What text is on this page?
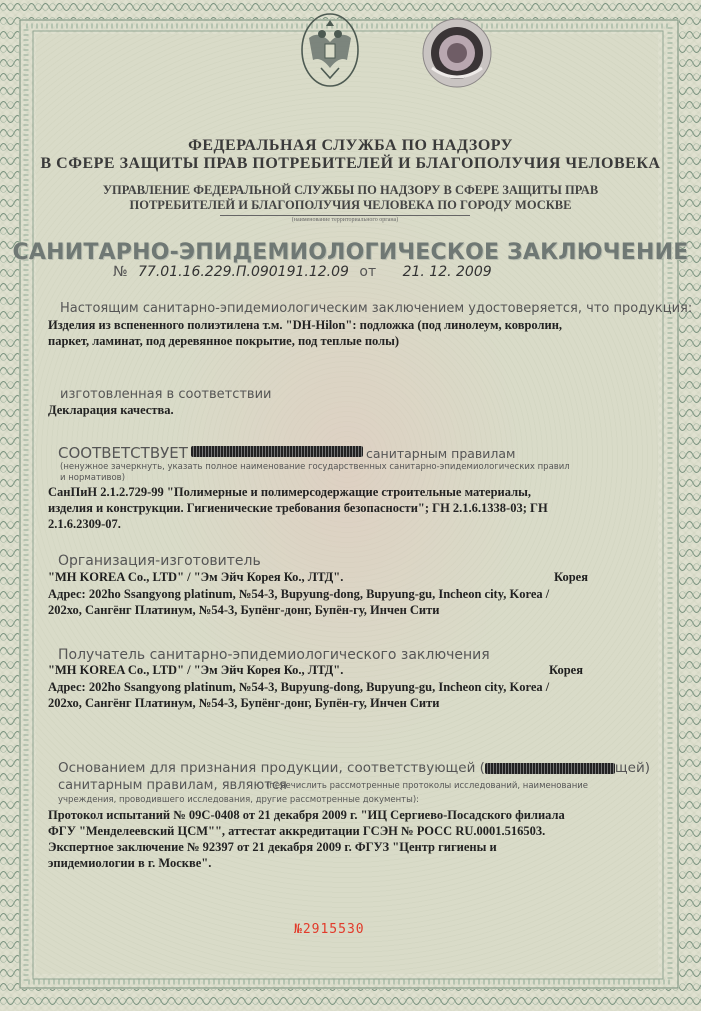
ФЕДЕРАЛЬНАЯ СЛУЖБА ПО НАДЗОРУ

В СФЕРЕ ЗАЩИТЫ ПРАВ ПОТРЕБИТЕЛЕЙ И БЛАГОПОЛУЧИЯ ЧЕЛОВЕКА

УПРАВЛЕНИЕ ФЕДЕРАЛЬНОЙ СЛУЖБЫ ПО НАДЗОРУ В СФЕРЕ ЗАЩИТЫ ПРАВ

ПОТРЕБИТЕЛЕЙ И БЛАГОПОЛУЧИЯ ЧЕЛОВЕКА ПО ГОРОДУ МОСКВЕ

(наименование территориального органа)

САНИТАРНО-ЭПИДЕМИОЛОГИЧЕСКОЕ ЗАКЛЮЧЕНИЕ

№ 77.01.16.229.П.090191.12.09 от 21. 12. 2009
Настоящим санитарно-эпидемиологическим заключением удостоверяется, что продукция:
Изделия из вспененного полиэтилена т.м. "DH-Hilon": подложка (под линолеум, ковролин,
паркет, ламинат, под деревянное покрытие, под теплые полы)
изготовленная в соответствии
Декларация качества.
СООТВЕТСТВУЕТ	санитарным правилам
(ненужное зачеркнуть, указать полное наименование государственных санитарно-эпидемиологических правил и нормативов)
СанПиН 2.1.2.729-99 "Полимерные и полимерсодержащие строительные материалы,
изделия и конструкции. Гигиенические требования безопасности"; ГН 2.1.6.1338-03; ГН
2.1.6.2309-07.
Организация-изготовитель
"MH KOREA Co., LTD" / "Эм Эйч Корея Ко., ЛТД".	Корея
Адрес: 202ho Ssangyong platinum, №54-3, Bupyung-dong, Bupyung-gu, Incheon city, Korea /
202хо, Сангёнг Платинум, №54-3, Бупёнг-донг, Бупён-гу, Инчен Сити
Получатель санитарно-эпидемиологического заключения
"MH KOREA Co., LTD" / "Эм Эйч Корея Ко., ЛТД".	Корея
Адрес: 202ho Ssangyong platinum, №54-3, Bupyung-dong, Bupyung-gu, Incheon city, Korea /
202хо, Сангёнг Платинум, №54-3, Бупёнг-донг, Бупён-гу, Инчен Сити
Основанием для признания продукции, соответствующей (	щей)
санитарным правилам, являются
(перечислить рассмотренные протоколы исследований, наименование
учреждения, проводившего исследования, другие рассмотренные документы):
Протокол испытаний № 09С-0408 от 21 декабря 2009 г. "ИЦ Сергиево-Посадского филиала
ФГУ "Менделеевский ЦСМ"", аттестат аккредитации ГСЭН № РОСС RU.0001.516503.
Экспертное заключение № 92397 от 21 декабря 2009 г. ФГУЗ "Центр гигиены и
эпидемиологии в г. Москве".
№2915530
